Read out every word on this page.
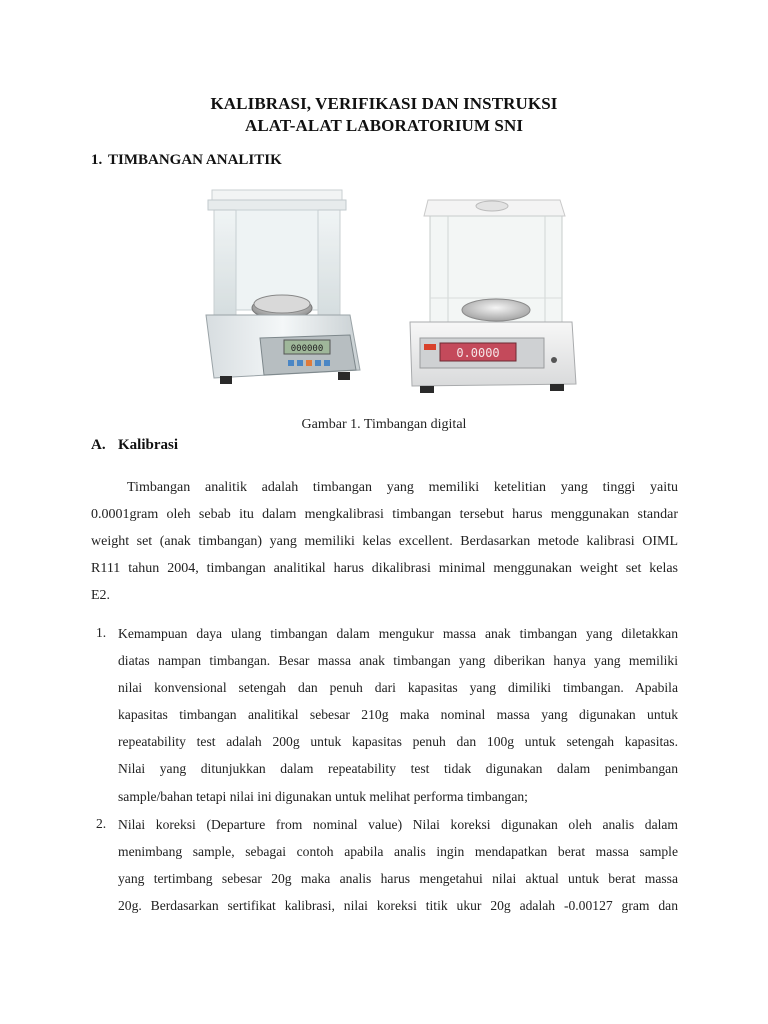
KALIBRASI, VERIFIKASI DAN INSTRUKSI
ALAT-ALAT LABORATORIUM SNI
1. TIMBANGAN ANALITIK
000000	0.0000
Gambar 1. Timbangan digital
A. Kalibrasi
Timbangan analitik adalah timbangan yang memiliki ketelitian yang tinggi yaitu
0.0001gram oleh sebab itu dalam mengkalibrasi timbangan tersebut harus menggunakan standar
weight set (anak timbangan) yang memiliki kelas excellent. Berdasarkan metode kalibrasi OIML
R111 tahun 2004, timbangan analitikal harus dikalibrasi minimal menggunakan weight set kelas
E2.
1. Kemampuan daya ulang timbangan dalam mengukur massa anak timbangan yang diletakkan
diatas nampan timbangan. Besar massa anak timbangan yang diberikan hanya yang memiliki
nilai konvensional setengah dan penuh dari kapasitas yang dimiliki timbangan. Apabila
kapasitas timbangan analitikal sebesar 210g maka nominal massa yang digunakan untuk
repeatability test adalah 200g untuk kapasitas penuh dan 100g untuk setengah kapasitas.
Nilai yang ditunjukkan dalam repeatability test tidak digunakan dalam penimbangan
sample/bahan tetapi nilai ini digunakan untuk melihat performa timbangan;
2. Nilai koreksi (Departure from nominal value) Nilai koreksi digunakan oleh analis dalam
menimbang sample, sebagai contoh apabila analis ingin mendapatkan berat massa sample
yang tertimbang sebesar 20g maka analis harus mengetahui nilai aktual untuk berat massa
20g. Berdasarkan sertifikat kalibrasi, nilai koreksi titik ukur 20g adalah -0.00127 gram dan
